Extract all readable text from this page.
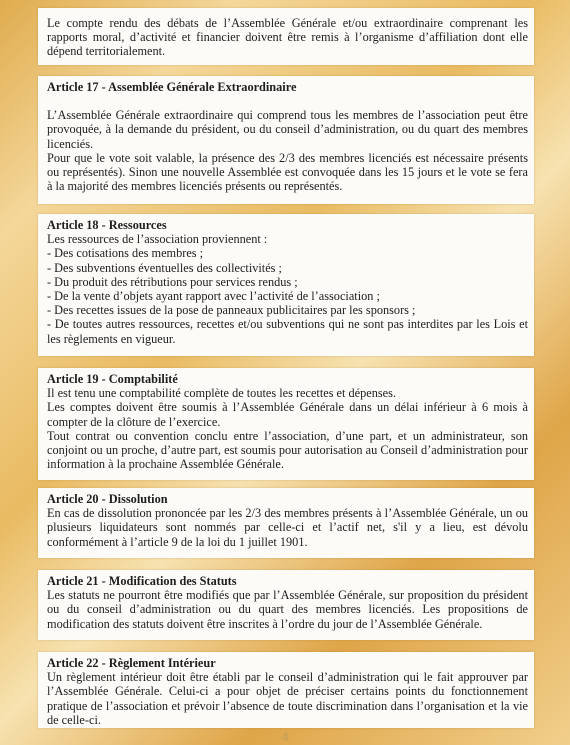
Le compte rendu des débats de l’Assemblée Générale et/ou extraordinaire comprenant les rapports moral, d’activité et financier doivent être remis à l’organisme d’affiliation dont elle dépend territorialement.

Article 17 - Assemblée Générale Extraordinaire

L’Assemblée Générale extraordinaire qui comprend tous les membres de l’association peut être provoquée, à la demande du président, ou du conseil d’administration, ou du quart des membres licenciés.

Pour que le vote soit valable, la présence des 2/3 des membres licenciés est nécessaire présents ou représentés). Sinon une nouvelle Assemblée est convoquée dans les 15 jours et le vote se fera à la majorité des membres licenciés présents ou représentés.

Article 18 - Ressources

Les ressources de l’association proviennent :

- Des cotisations des membres ;

- Des subventions éventuelles des collectivités ;

- Du produit des rétributions pour services rendus ;

- De la vente d’objets ayant rapport avec l’activité de l’association ;

- Des recettes issues de la pose de panneaux publicitaires par les sponsors ;

- De toutes autres ressources, recettes et/ou subventions qui ne sont pas interdites par les Lois et les règlements en vigueur.

Article 19 - Comptabilité

Il est tenu une comptabilité complète de toutes les recettes et dépenses.

Les comptes doivent être soumis à l’Assemblée Générale dans un délai inférieur à 6 mois à compter de la clôture de l’exercice.

Tout contrat ou convention conclu entre l’association, d’une part, et un administrateur, son conjoint ou un proche, d’autre part, est soumis pour autorisation au Conseil d’administration pour information à la prochaine Assemblée Générale.

Article 20 - Dissolution

En cas de dissolution prononcée par les 2/3 des membres présents à l’Assemblée Générale, un ou plusieurs liquidateurs sont nommés par celle-ci et l’actif net, s'il y a lieu, est dévolu conformément à l’article 9 de la loi du 1 juillet 1901.

Article 21 - Modification des Statuts

Les statuts ne pourront être modifiés que par l’Assemblée Générale, sur proposition du président ou du conseil d’administration ou du quart des membres licenciés. Les propositions de modification des statuts doivent être inscrites à l’ordre du jour de l’Assemblée Générale.

Article 22 - Règlement Intérieur

Un règlement intérieur doit être établi par le conseil d’administration qui le fait approuver par l’Assemblée Générale. Celui-ci a pour objet de préciser certains points du fonctionnement pratique de l’association et prévoir l’absence de toute discrimination dans l’organisation et la vie de celle-ci.

4
